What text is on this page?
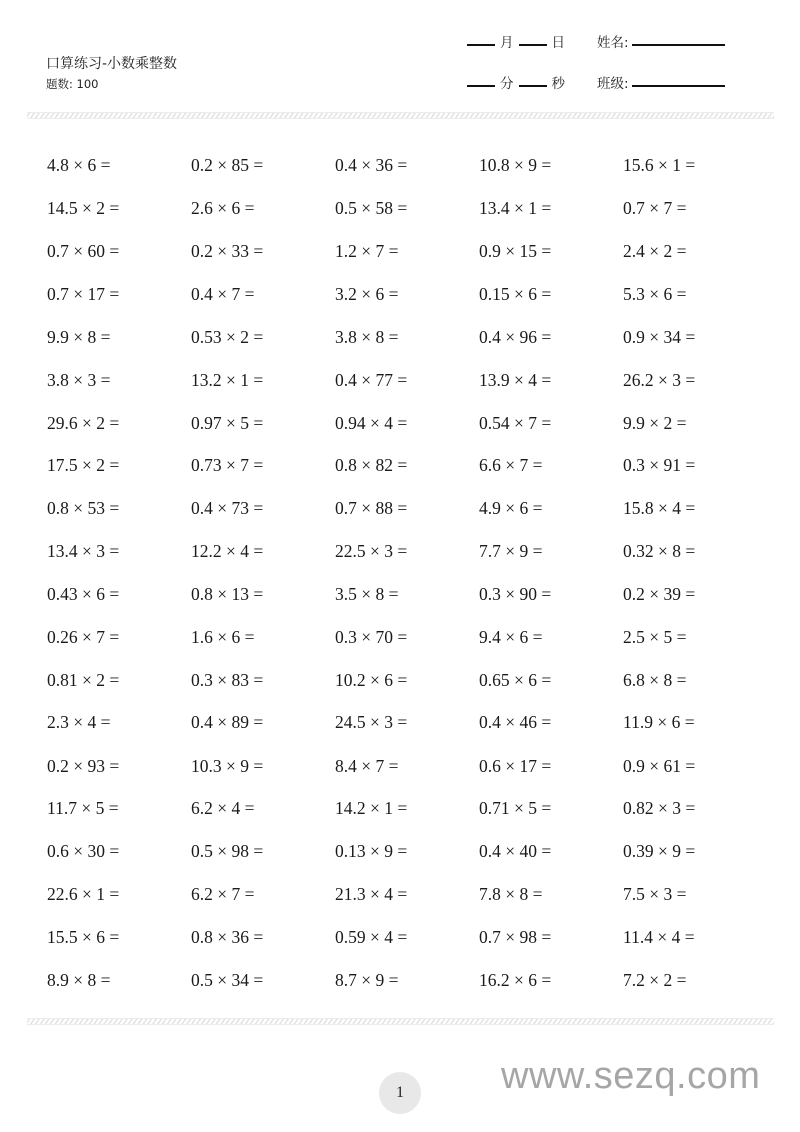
口算练习-小数乘整数
题数: 100
月	日 姓名:
分	秒 班级:
4.8 × 6 =	0.2 × 85 =	0.4 × 36 =	10.8 × 9 =	15.6 × 1 =
14.5 × 2 =	2.6 × 6 =	0.5 × 58 =	13.4 × 1 =	0.7 × 7 =
0.7 × 60 =	0.2 × 33 =	1.2 × 7 =	0.9 × 15 =	2.4 × 2 =
0.7 × 17 =	0.4 × 7 =	3.2 × 6 =	0.15 × 6 =	5.3 × 6 =
9.9 × 8 =	0.53 × 2 =	3.8 × 8 =	0.4 × 96 =	0.9 × 34 =
3.8 × 3 =	13.2 × 1 =	0.4 × 77 =	13.9 × 4 =	26.2 × 3 =
29.6 × 2 =	0.97 × 5 =	0.94 × 4 =	0.54 × 7 =	9.9 × 2 =
17.5 × 2 =	0.73 × 7 =	0.8 × 82 =	6.6 × 7 =	0.3 × 91 =
0.8 × 53 =	0.4 × 73 =	0.7 × 88 =	4.9 × 6 =	15.8 × 4 =
13.4 × 3 =	12.2 × 4 =	22.5 × 3 =	7.7 × 9 =	0.32 × 8 =
0.43 × 6 =	0.8 × 13 =	3.5 × 8 =	0.3 × 90 =	0.2 × 39 =
0.26 × 7 =	1.6 × 6 =	0.3 × 70 =	9.4 × 6 =	2.5 × 5 =
0.81 × 2 =	0.3 × 83 =	10.2 × 6 =	0.65 × 6 =	6.8 × 8 =
2.3 × 4 =	0.4 × 89 =	24.5 × 3 =	0.4 × 46 =	11.9 × 6 =
0.2 × 93 =	10.3 × 9 =	8.4 × 7 =	0.6 × 17 =	0.9 × 61 =
11.7 × 5 =	6.2 × 4 =	14.2 × 1 =	0.71 × 5 =	0.82 × 3 =
0.6 × 30 =	0.5 × 98 =	0.13 × 9 =	0.4 × 40 =	0.39 × 9 =
22.6 × 1 =	6.2 × 7 =	21.3 × 4 =	7.8 × 8 =	7.5 × 3 =
15.5 × 6 =	0.8 × 36 =	0.59 × 4 =	0.7 × 98 =	11.4 × 4 =
8.9 × 8 =	0.5 × 34 =	8.7 × 9 =	16.2 × 6 =	7.2 × 2 =
1	www.sezq.com
